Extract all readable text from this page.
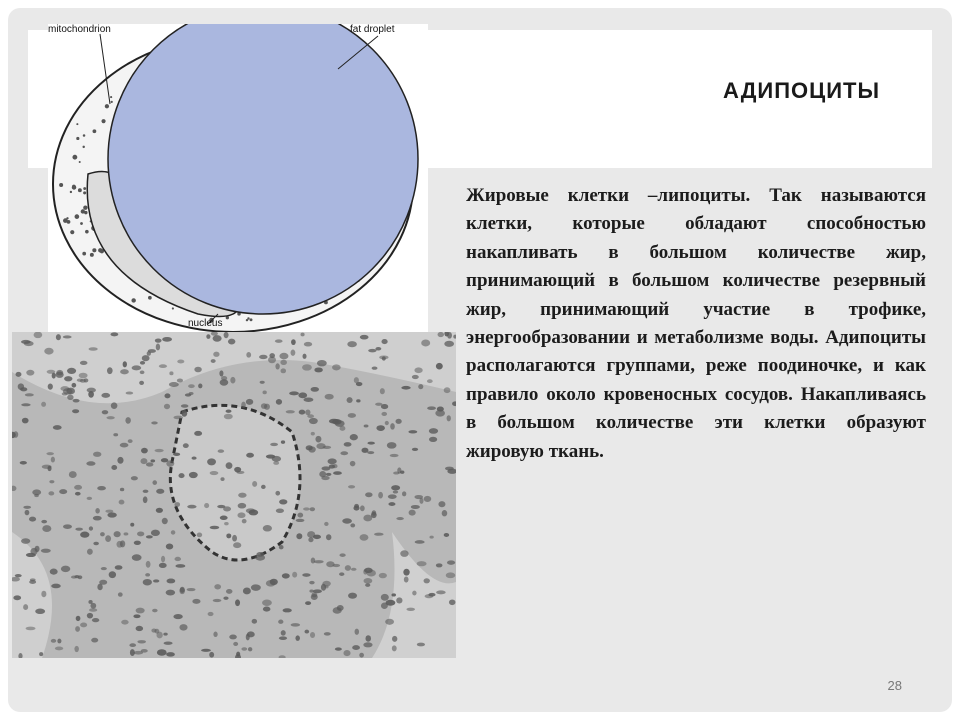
АДИПОЦИТЫ
mitochondrion	fat droplet
nucleus

Жировые клетки –липоциты. Так называются клетки, которые обладают способностью накапливать в большом количестве жир, принимающий в большом количестве резервный жир, принимающий участие в трофике, энергообразовании и метаболизме воды. Адипоциты располагаются группами, реже поодиночке, и как правило около кровеносных сосудов. Накапливаясь в большом количестве эти клетки образуют жировую ткань.

28
